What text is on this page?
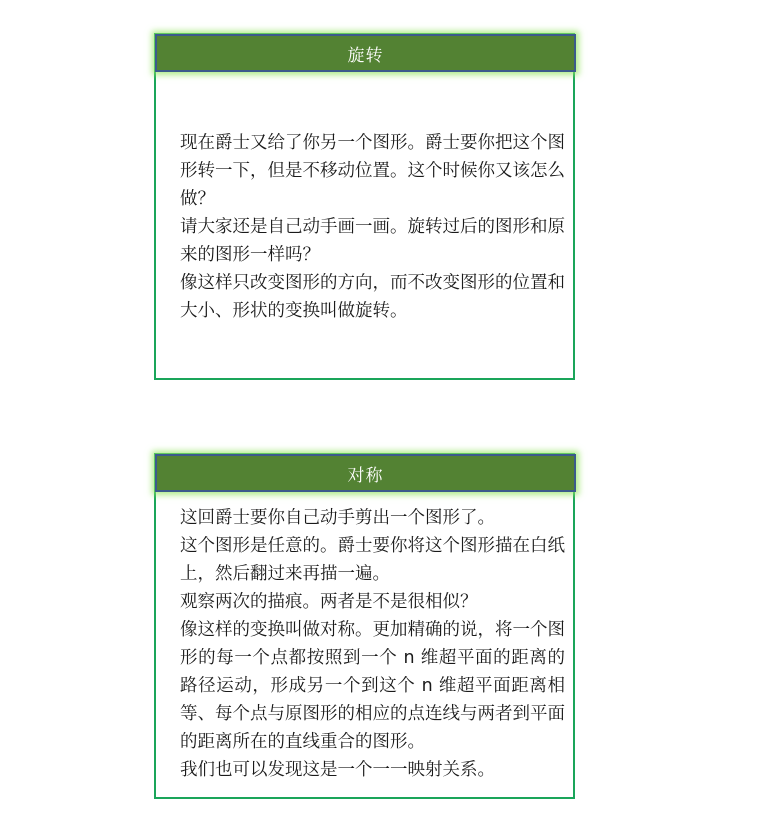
旋转

现在爵士又给了你另一个图形。爵士要你把这个图形转一下，但是不移动位置。这个时候你又该怎么做？

请大家还是自己动手画一画。旋转过后的图形和原来的图形一样吗？

像这样只改变图形的方向，而不改变图形的位置和大小、形状的变换叫做旋转。

对称

这回爵士要你自己动手剪出一个图形了。

这个图形是任意的。爵士要你将这个图形描在白纸上，然后翻过来再描一遍。

观察两次的描痕。两者是不是很相似？

像这样的变换叫做对称。更加精确的说，将一个图形的每一个点都按照到一个 n 维超平面的距离的路径运动，形成另一个到这个 n 维超平面距离相等、每个点与原图形的相应的点连线与两者到平面的距离所在的直线重合的图形。

我们也可以发现这是一个一一映射关系。
